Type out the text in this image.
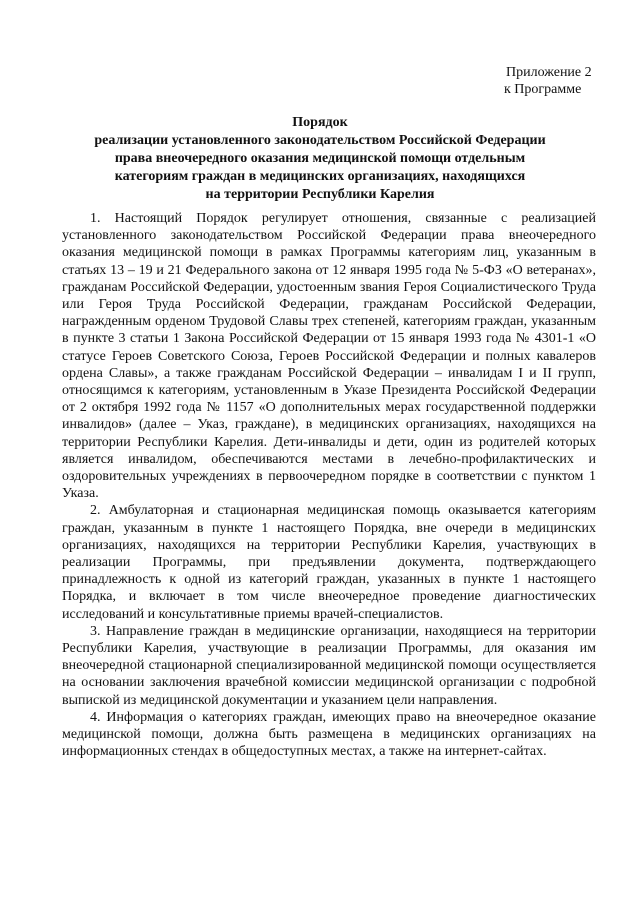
Приложение 2
к Программе
Порядок
реализации установленного законодательством Российской Федерации
права внеочередного оказания медицинской помощи отдельным
категориям граждан в медицинских организациях, находящихся
на территории Республики Карелия

1. Настоящий Порядок регулирует отношения, связанные с реализацией установленного законодательством Российской Федерации права внеочередного оказания медицинской помощи в рамках Программы категориям лиц, указанным в статьях 13 – 19 и 21 Федерального закона от 12 января 1995 года № 5-ФЗ «О ветеранах», гражданам Российской Федерации, удостоенным звания Героя Социалистического Труда или Героя Труда Российской Федерации, гражданам Российской Федерации, награжденным орденом Трудовой Славы трех степеней, категориям граждан, указанным в пункте 3 статьи 1 Закона Российской Федерации от 15 января 1993 года № 4301-1 «О статусе Героев Советского Союза, Героев Российской Федерации и полных кавалеров ордена Славы», а также гражданам Российской Федерации – инвалидам I и II групп, относящимся к категориям, установленным в Указе Президента Российской Федерации от 2 октября 1992 года № 1157 «О дополнительных мерах государственной поддержки инвалидов» (далее – Указ, граждане), в медицинских организациях, находящихся на территории Республики Карелия. Дети-инвалиды и дети, один из родителей которых является инвалидом, обеспечиваются местами в лечебно-профилактических и оздоровительных учреждениях в первоочередном порядке в соответствии с пунктом 1 Указа.

2. Амбулаторная и стационарная медицинская помощь оказывается категориям граждан, указанным в пункте 1 настоящего Порядка, вне очереди в медицинских организациях, находящихся на территории Республики Карелия, участвующих в реализации Программы, при предъявлении документа, подтверждающего принадлежность к одной из категорий граждан, указанных в пункте 1 настоящего Порядка, и включает в том числе внеочередное проведение диагностических исследований и консультативные приемы врачей-специалистов.

3. Направление граждан в медицинские организации, находящиеся на территории Республики Карелия, участвующие в реализации Программы, для оказания им внеочередной стационарной специализированной медицинской помощи осуществляется на основании заключения врачебной комиссии медицинской организации с подробной выпиской из медицинской документации и указанием цели направления.

4. Информация о категориях граждан, имеющих право на внеочередное оказание медицинской помощи, должна быть размещена в медицинских организациях на информационных стендах в общедоступных местах, а также на интернет-сайтах.
